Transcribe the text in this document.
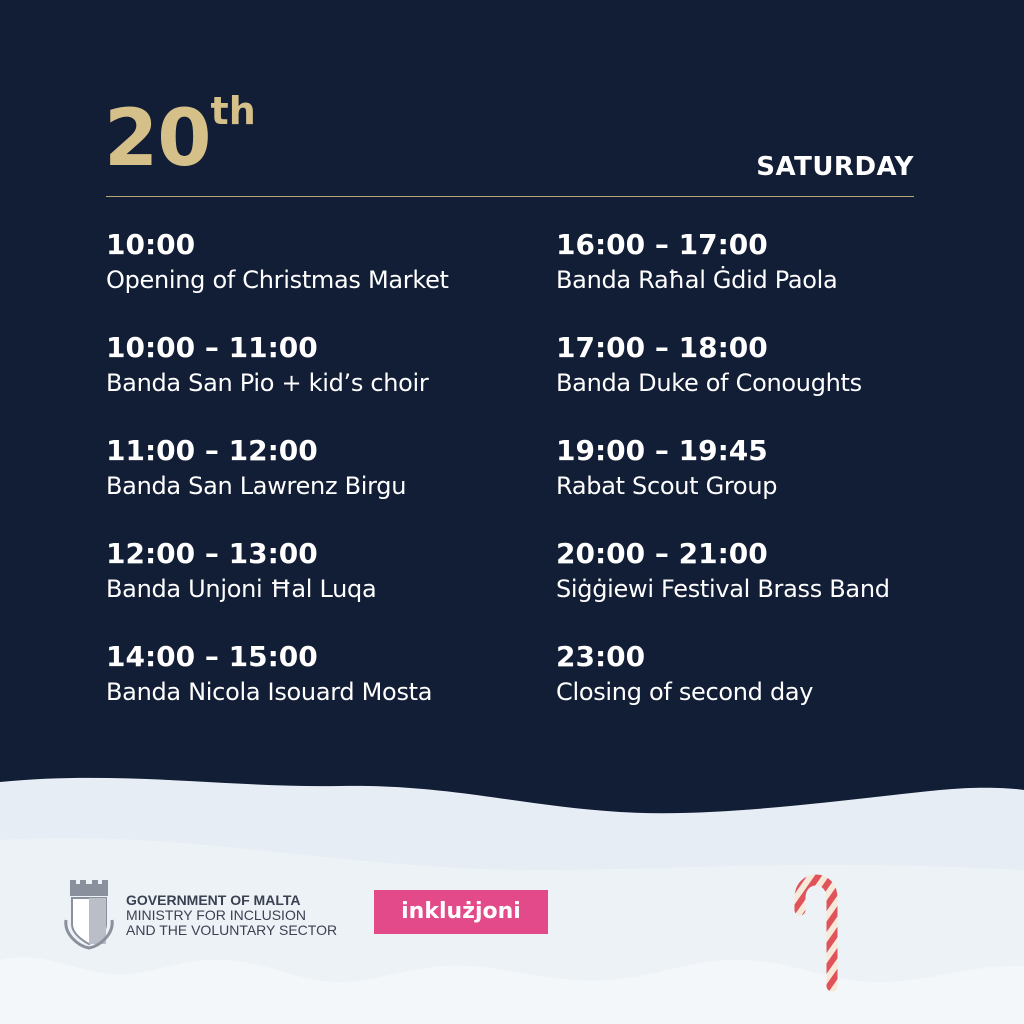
20th
SATURDAY
10:00
Opening of Christmas Market
10:00 – 11:00
Banda San Pio + kid’s choir
11:00 – 12:00
Banda San Lawrenz Birgu
12:00 – 13:00
Banda Unjoni Ħal Luqa
14:00 – 15:00
Banda Nicola Isouard Mosta
16:00 – 17:00
Banda Raħal Ġdid Paola
17:00 – 18:00
Banda Duke of Conoughts
19:00 – 19:45
Rabat Scout Group
20:00 – 21:00
Siġġiewi Festival Brass Band
23:00
Closing of second day
GOVERNMENT OF MALTA
MINISTRY FOR INCLUSION
AND THE VOLUNTARY SECTOR
inklużjoni
